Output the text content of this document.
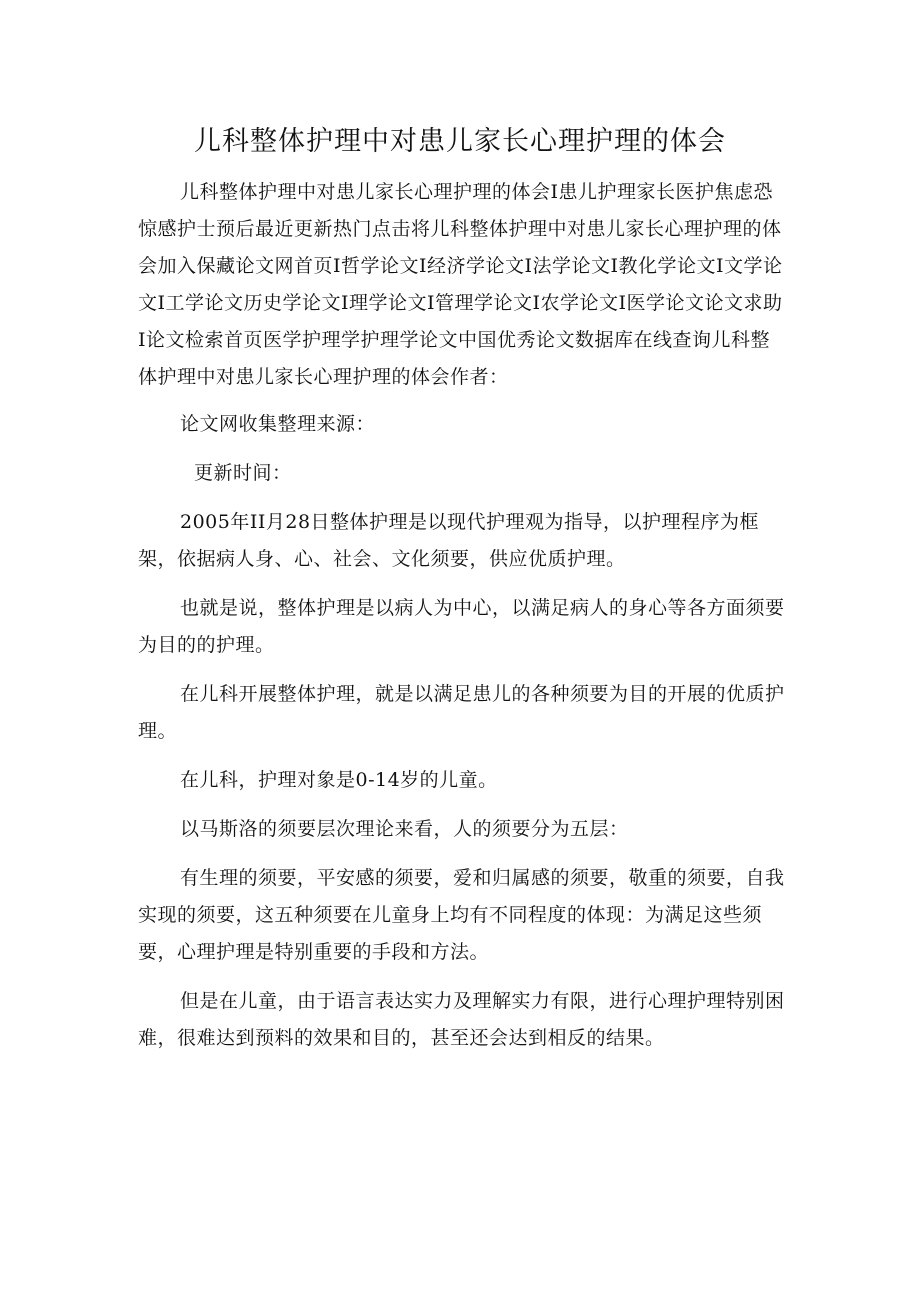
儿科整体护理中对患儿家长心理护理的体会

儿科整体护理中对患儿家长心理护理的体会I患儿护理家长医护焦虑恐惊感护士预后最近更新热门点击将儿科整体护理中对患儿家长心理护理的体会加入保藏论文网首页I哲学论文I经济学论文I法学论文I教化学论文I文学论文I工学论文历史学论文I理学论文I管理学论文I农学论文I医学论文论文求助I论文检索首页医学护理学护理学论文中国优秀论文数据库在线查询儿科整体护理中对患儿家长心理护理的体会作者：

论文网收集整理来源：

更新时间：

2005年II月28日整体护理是以现代护理观为指导，以护理程序为框架，依据病人身、心、社会、文化须要，供应优质护理。

也就是说，整体护理是以病人为中心，以满足病人的身心等各方面须要为目的的护理。

在儿科开展整体护理，就是以满足患儿的各种须要为目的开展的优质护理。

在儿科，护理对象是0-14岁的儿童。

以马斯洛的须要层次理论来看，人的须要分为五层：

有生理的须要，平安感的须要，爱和归属感的须要，敬重的须要，自我实现的须要，这五种须要在儿童身上均有不同程度的体现：为满足这些须要，心理护理是特别重要的手段和方法。

但是在儿童，由于语言表达实力及理解实力有限，进行心理护理特别困难，很难达到预料的效果和目的，甚至还会达到相反的结果。
